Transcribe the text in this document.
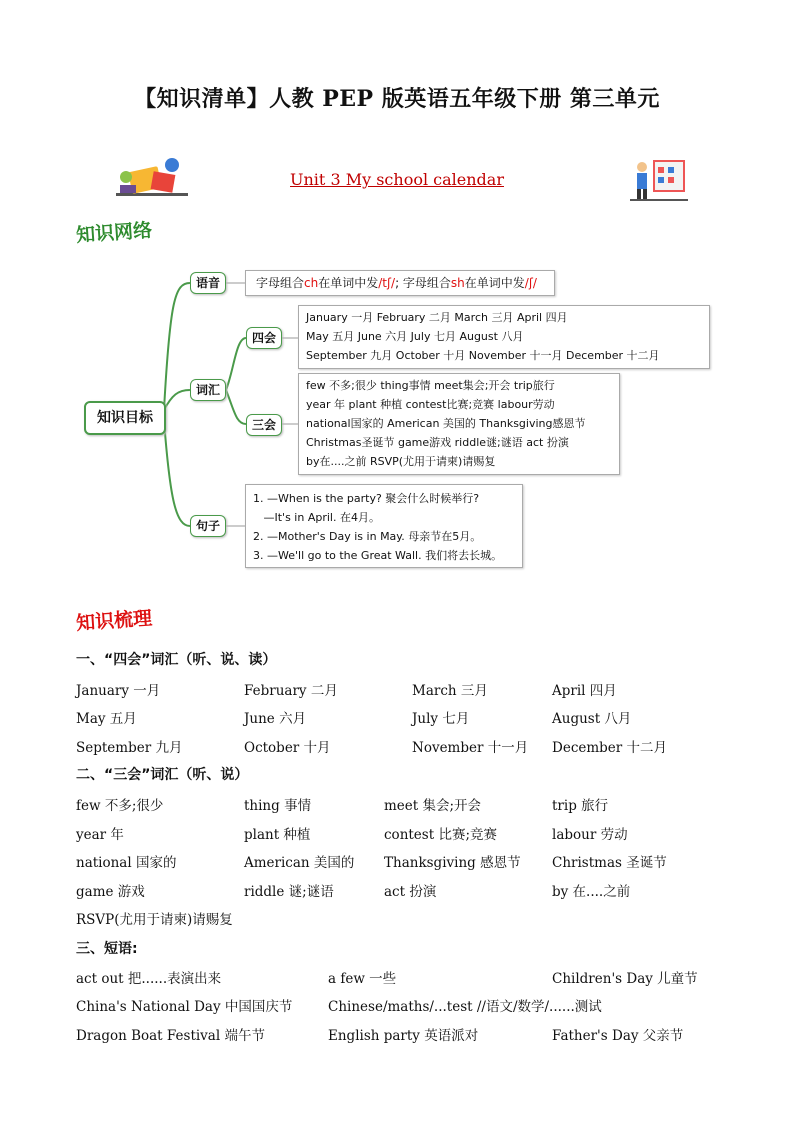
【知识清单】人教 PEP 版英语五年级下册 第三单元
Unit 3 My school calendar
知识网络
知识目标
语音	字母组合ch在单词中发/tʃ/; 字母组合sh在单词中发/ʃ/
词汇
四会
January 一月 February 二月 March 三月 April 四月
May 五月 June 六月 July 七月 August 八月
September 九月 October 十月 November 十一月 December 十二月
三会
few 不多;很少 thing事情 meet集会;开会 trip旅行
year 年 plant 种植 contest比赛;竞赛 labour劳动
national国家的 American 美国的 Thanksgiving感恩节
Christmas圣诞节 game游戏 riddle谜;谜语 act 扮演
by在....之前 RSVP(尤用于请柬)请赐复
句子
1. —When is the party? 聚会什么时候举行?
—It's in April. 在4月。
2. —Mother's Day is in May. 母亲节在5月。
3. —We'll go to the Great Wall. 我们将去长城。
知识梳理
一、“四会”词汇（听、说、读）
January 一月	February 二月	March 三月	April 四月
May 五月	June 六月	July 七月	August 八月
September 九月	October 十月	November 十一月 December 十二月
二、“三会”词汇（听、说）
few 不多;很少	thing 事情	meet 集会;开会	trip 旅行
year 年	plant 种植	contest 比赛;竞赛	labour 劳动
national 国家的	American 美国的 Thanksgiving 感恩节 Christmas 圣诞节
game 游戏	riddle 谜;谜语	act 扮演	by 在....之前
RSVP(尤用于请柬)请赐复
三、短语:
act out 把......表演出来	a few 一些	Children's Day 儿童节
China's National Day 中国国庆节	Chinese/maths/...test //语文/数学/......测试
Dragon Boat Festival 端午节	English party 英语派对	Father's Day 父亲节
